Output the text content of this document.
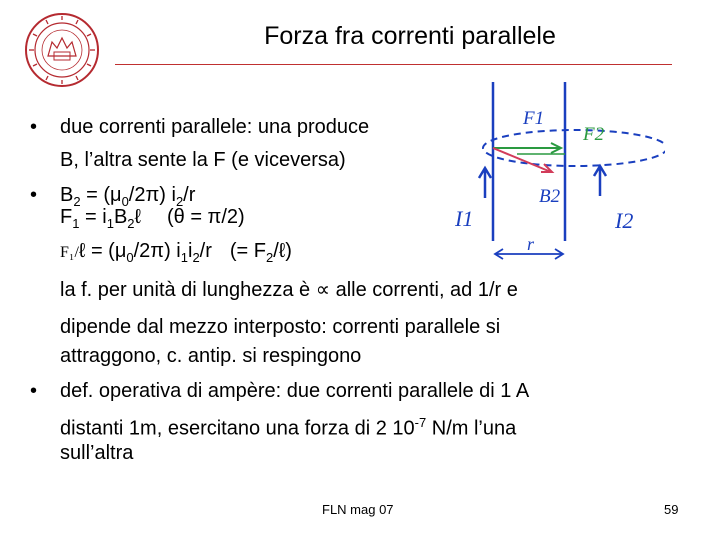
Forza fra correnti parallele
F1
F2
B2
I1	I2
r
• due correnti parallele: una produce
B, l’altra sente la F (e viceversa)
• $B_2 = (\mu_0/2\pi)$ $i_2/r$
$F_1$ = $i_1B_2\ell$ (θ = π/2)
F₁/ℓ = $(\mu_0/2\pi)$ $i_1i_2/r$ (= $F_2/\ell$)
la f. per unità di lunghezza è ∝ alle correnti, ad 1/r e
dipende dal mezzo interposto: correnti parallele si
attraggono, c. antip. si respingono
• def. operativa di ampère: due correnti parallele di 1 A
distanti 1m, esercitano una forza di 2 $10^{-7}$ N/m l’una
sull’altra
FLN mag 07	59
